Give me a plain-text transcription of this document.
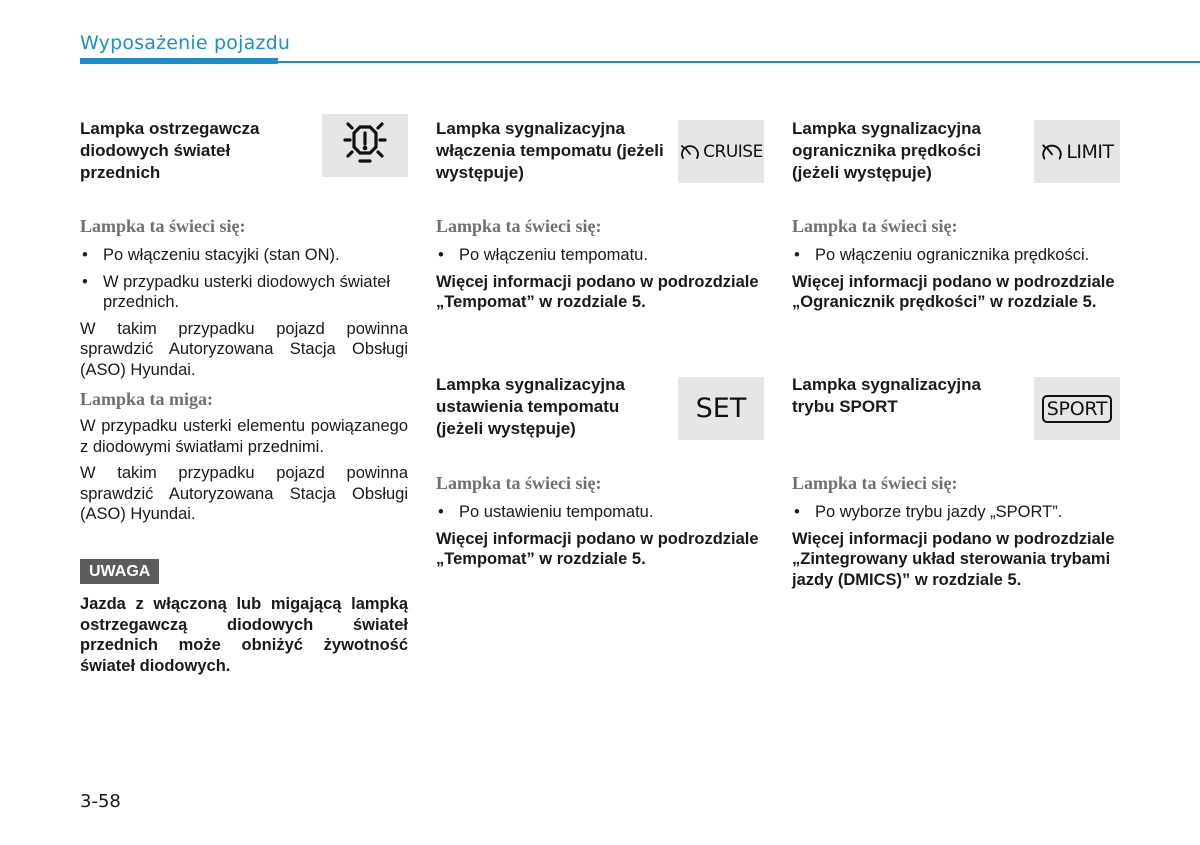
Wyposażenie pojazdu
Lampka ostrzegawcza diodowych świateł przednich

Lampka ta świeci się:

• Po włączeniu stacyjki (stan ON).

• W przypadku usterki diodowych świateł przednich.

W takim przypadku pojazd powinna sprawdzić Autoryzowana Stacja Obsługi (ASO) Hyundai.

Lampka ta miga:

W przypadku usterki elementu powiązanego z diodowymi światłami przednimi.

W takim przypadku pojazd powinna sprawdzić Autoryzowana Stacja Obsługi (ASO) Hyundai.

UWAGA

Jazda z włączoną lub migającą lampką ostrzegawczą diodowych świateł przednich może obniżyć żywotność świateł diodowych.

Lampka sygnalizacyjna włączenia tempomatu (jeżeli występuje)
CRUISE

Lampka ta świeci się:

• Po włączeniu tempomatu.

Więcej informacji podano w podrozdziale „Tempomat” w rozdziale 5.

Lampka sygnalizacyjna ustawienia tempomatu (jeżeli występuje)
SET

Lampka ta świeci się:

• Po ustawieniu tempomatu.

Więcej informacji podano w podrozdziale „Tempomat” w rozdziale 5.

Lampka sygnalizacyjna ogranicznika prędkości (jeżeli występuje)
LIMIT

Lampka ta świeci się:

• Po włączeniu ogranicznika prędkości.

Więcej informacji podano w podrozdziale „Ogranicznik prędkości” w rozdziale 5.

Lampka sygnalizacyjna trybu SPORT	SPORT

Lampka ta świeci się:

• Po wyborze trybu jazdy „SPORT”.

Więcej informacji podano w podrozdziale „Zintegrowany układ sterowania trybami jazdy (DMICS)” w rozdziale 5.

3-58
